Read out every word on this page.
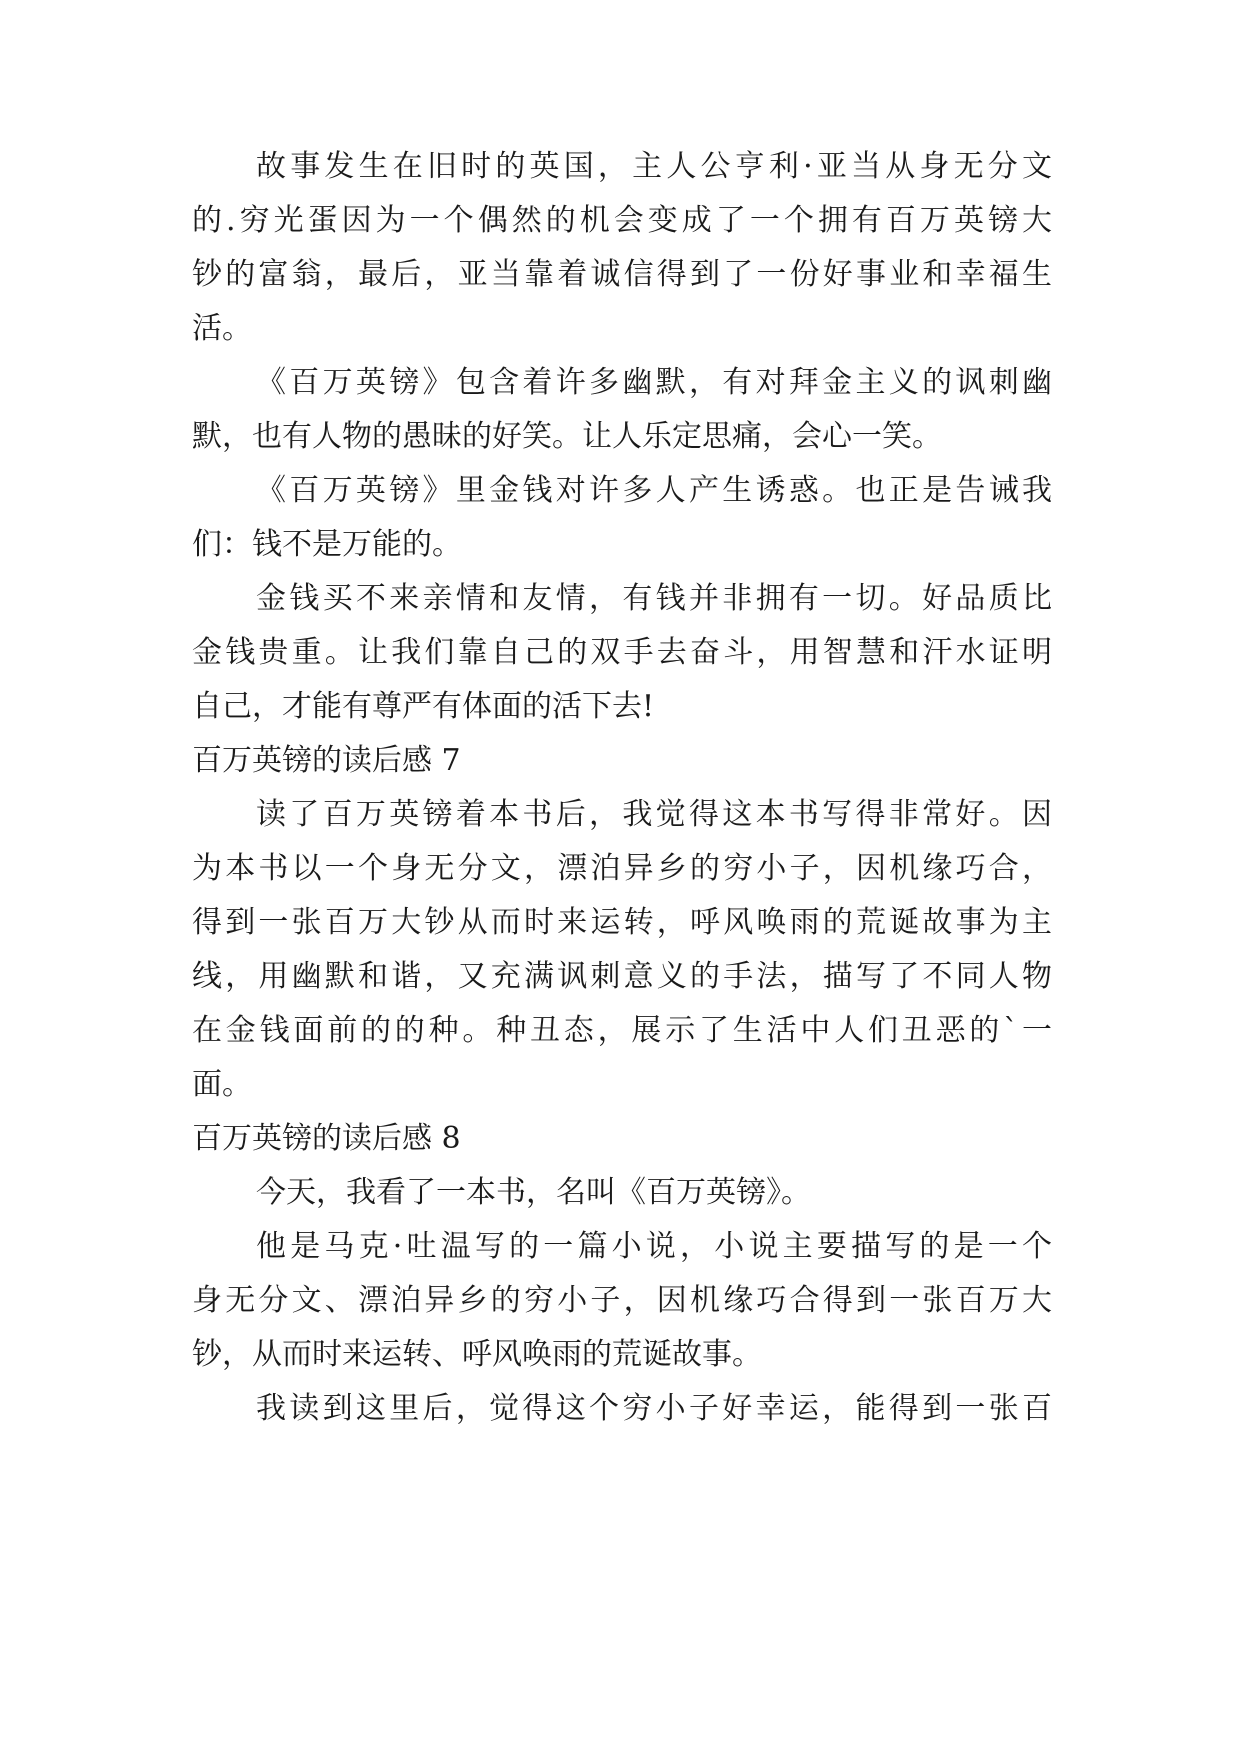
故事发生在旧时的英国，主人公亨利·亚当从身无分文
的.穷光蛋因为一个偶然的机会变成了一个拥有百万英镑大
钞的富翁，最后，亚当靠着诚信得到了一份好事业和幸福生
活。
《百万英镑》包含着许多幽默，有对拜金主义的讽刺幽
默，也有人物的愚昧的好笑。让人乐定思痛，会心一笑。
《百万英镑》里金钱对许多人产生诱惑。也正是告诫我
们：钱不是万能的。
金钱买不来亲情和友情，有钱并非拥有一切。好品质比
金钱贵重。让我们靠自己的双手去奋斗，用智慧和汗水证明
自己，才能有尊严有体面的活下去!
百万英镑的读后感 7
读了百万英镑着本书后，我觉得这本书写得非常好。因
为本书以一个身无分文，漂泊异乡的穷小子，因机缘巧合，
得到一张百万大钞从而时来运转，呼风唤雨的荒诞故事为主
线，用幽默和谐，又充满讽刺意义的手法，描写了不同人物
在金钱面前的的种。种丑态，展示了生活中人们丑恶的`一
面。
百万英镑的读后感 8
今天，我看了一本书，名叫《百万英镑》。
他是马克·吐温写的一篇小说，小说主要描写的是一个
身无分文、漂泊异乡的穷小子，因机缘巧合得到一张百万大
钞，从而时来运转、呼风唤雨的荒诞故事。
我读到这里后，觉得这个穷小子好幸运，能得到一张百
